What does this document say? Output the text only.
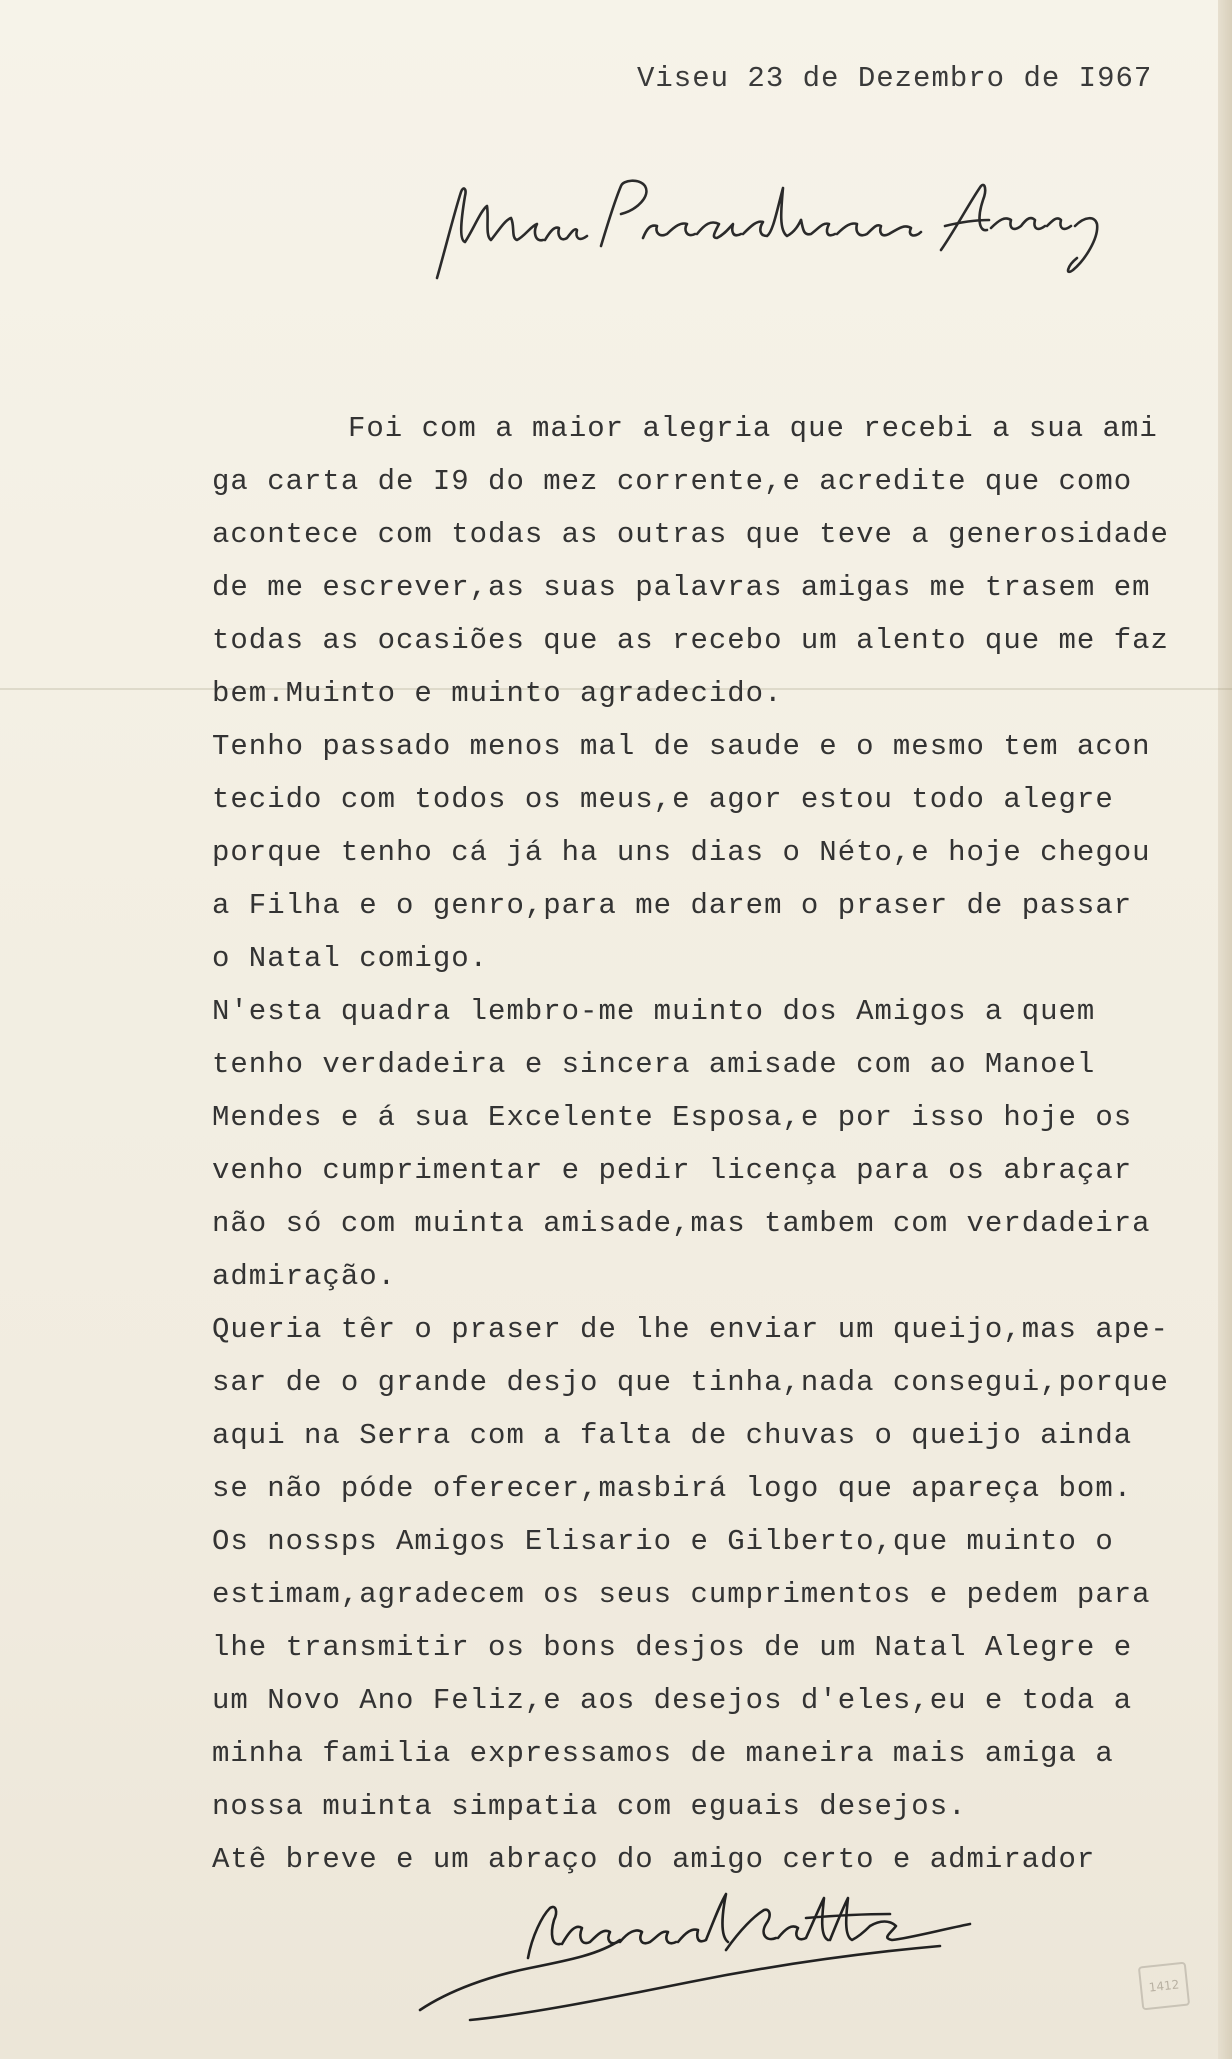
Viseu 23 de Dezembro de I967
Foi com a maior alegria que recebi a sua ami
ga carta de I9 do mez corrente,e acredite que como
acontece com todas as outras que teve a generosidade
de me escrever,as suas palavras amigas me trasem em
todas as ocasiões que as recebo um alento que me faz
bem.Muinto e muinto agradecido.
Tenho passado menos mal de saude e o mesmo tem acon
tecido com todos os meus,e agor estou todo alegre
porque tenho cá já ha uns dias o Néto,e hoje chegou
a Filha e o genro,para me darem o praser de passar
o Natal comigo.
N'esta quadra lembro-me muinto dos Amigos a quem
tenho verdadeira e sincera amisade com ao Manoel
Mendes e á sua Excelente Esposa,e por isso hoje os
venho cumprimentar e pedir licença para os abraçar
não só com muinta amisade,mas tambem com verdadeira
admiração.
Queria têr o praser de lhe enviar um queijo,mas ape-
sar de o grande desjo que tinha,nada consegui,porque
aqui na Serra com a falta de chuvas o queijo ainda
se não póde oferecer,masbirá logo que apareça bom.
Os nossps Amigos Elisario e Gilberto,que muinto o
estimam,agradecem os seus cumprimentos e pedem para
lhe transmitir os bons desjos de um Natal Alegre e
um Novo Ano Feliz,e aos desejos d'eles,eu e toda a
minha familia expressamos de maneira mais amiga a
nossa muinta simpatia com eguais desejos.
Atê breve e um abraço do amigo certo e admirador
1412
